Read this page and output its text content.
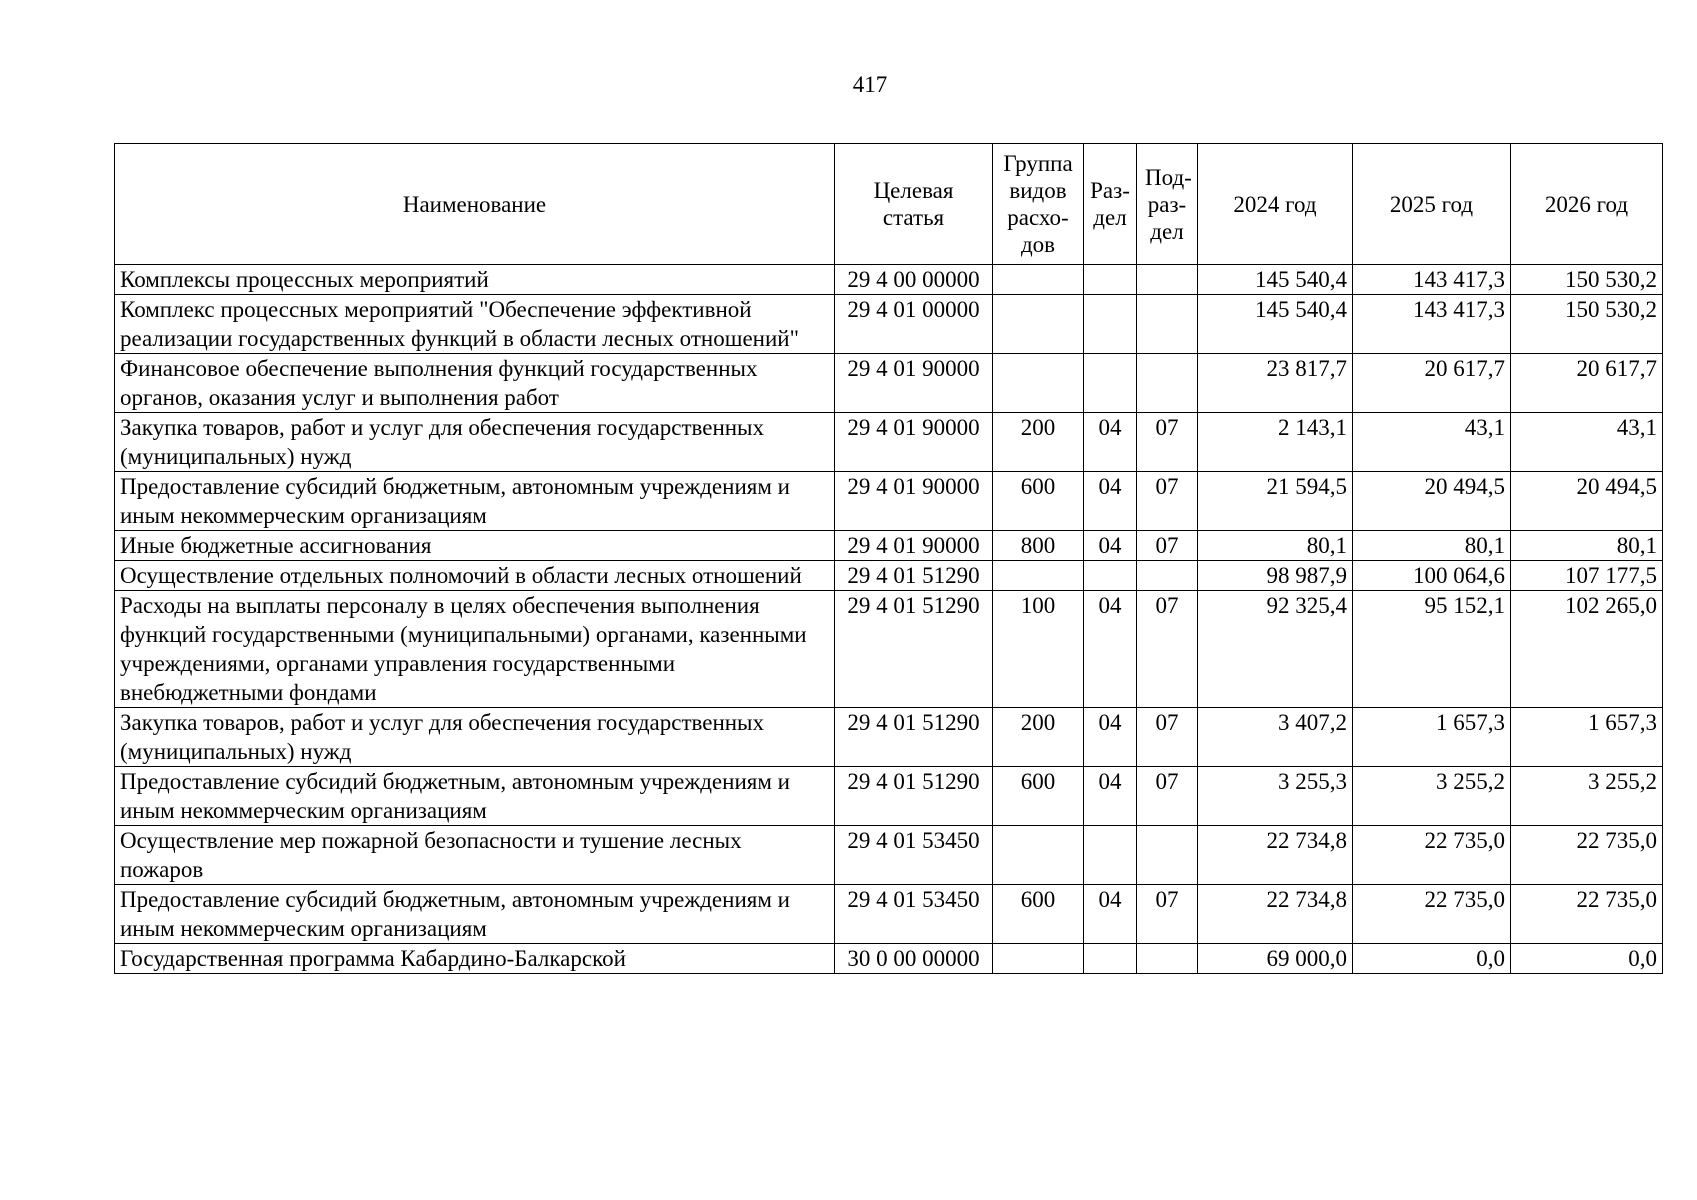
417
Наименование	Целевая статья	Группа видов расхо-дов	Раз-дел	Под-раз-дел	2024 год	2025 год	2026 год
Комплексы процессных мероприятий	29 4 00 00000				145 540,4	143 417,3	150 530,2
Комплекс процессных мероприятий "Обеспечение эффективной реализации государственных функций в области лесных отношений"	29 4 01 00000				145 540,4	143 417,3	150 530,2
Финансовое обеспечение выполнения функций государственных органов, оказания услуг и выполнения работ	29 4 01 90000				23 817,7	20 617,7	20 617,7
Закупка товаров, работ и услуг для обеспечения государственных (муниципальных) нужд	29 4 01 90000	200	04	07	2 143,1	43,1	43,1
Предоставление субсидий бюджетным, автономным учреждениям и иным некоммерческим организациям	29 4 01 90000	600	04	07	21 594,5	20 494,5	20 494,5
Иные бюджетные ассигнования	29 4 01 90000	800	04	07	80,1	80,1	80,1
Осуществление отдельных полномочий в области лесных отношений	29 4 01 51290				98 987,9	100 064,6	107 177,5
Расходы на выплаты персоналу в целях обеспечения выполнения функций государственными (муниципальными) органами, казенными учреждениями, органами управления государственными внебюджетными фондами	29 4 01 51290	100	04	07	92 325,4	95 152,1	102 265,0
Закупка товаров, работ и услуг для обеспечения государственных (муниципальных) нужд	29 4 01 51290	200	04	07	3 407,2	1 657,3	1 657,3
Предоставление субсидий бюджетным, автономным учреждениям и иным некоммерческим организациям	29 4 01 51290	600	04	07	3 255,3	3 255,2	3 255,2
Осуществление мер пожарной безопасности и тушение лесных пожаров	29 4 01 53450				22 734,8	22 735,0	22 735,0
Предоставление субсидий бюджетным, автономным учреждениям и иным некоммерческим организациям	29 4 01 53450	600	04	07	22 734,8	22 735,0	22 735,0
Государственная программа Кабардино-Балкарской	30 0 00 00000				69 000,0	0,0	0,0
